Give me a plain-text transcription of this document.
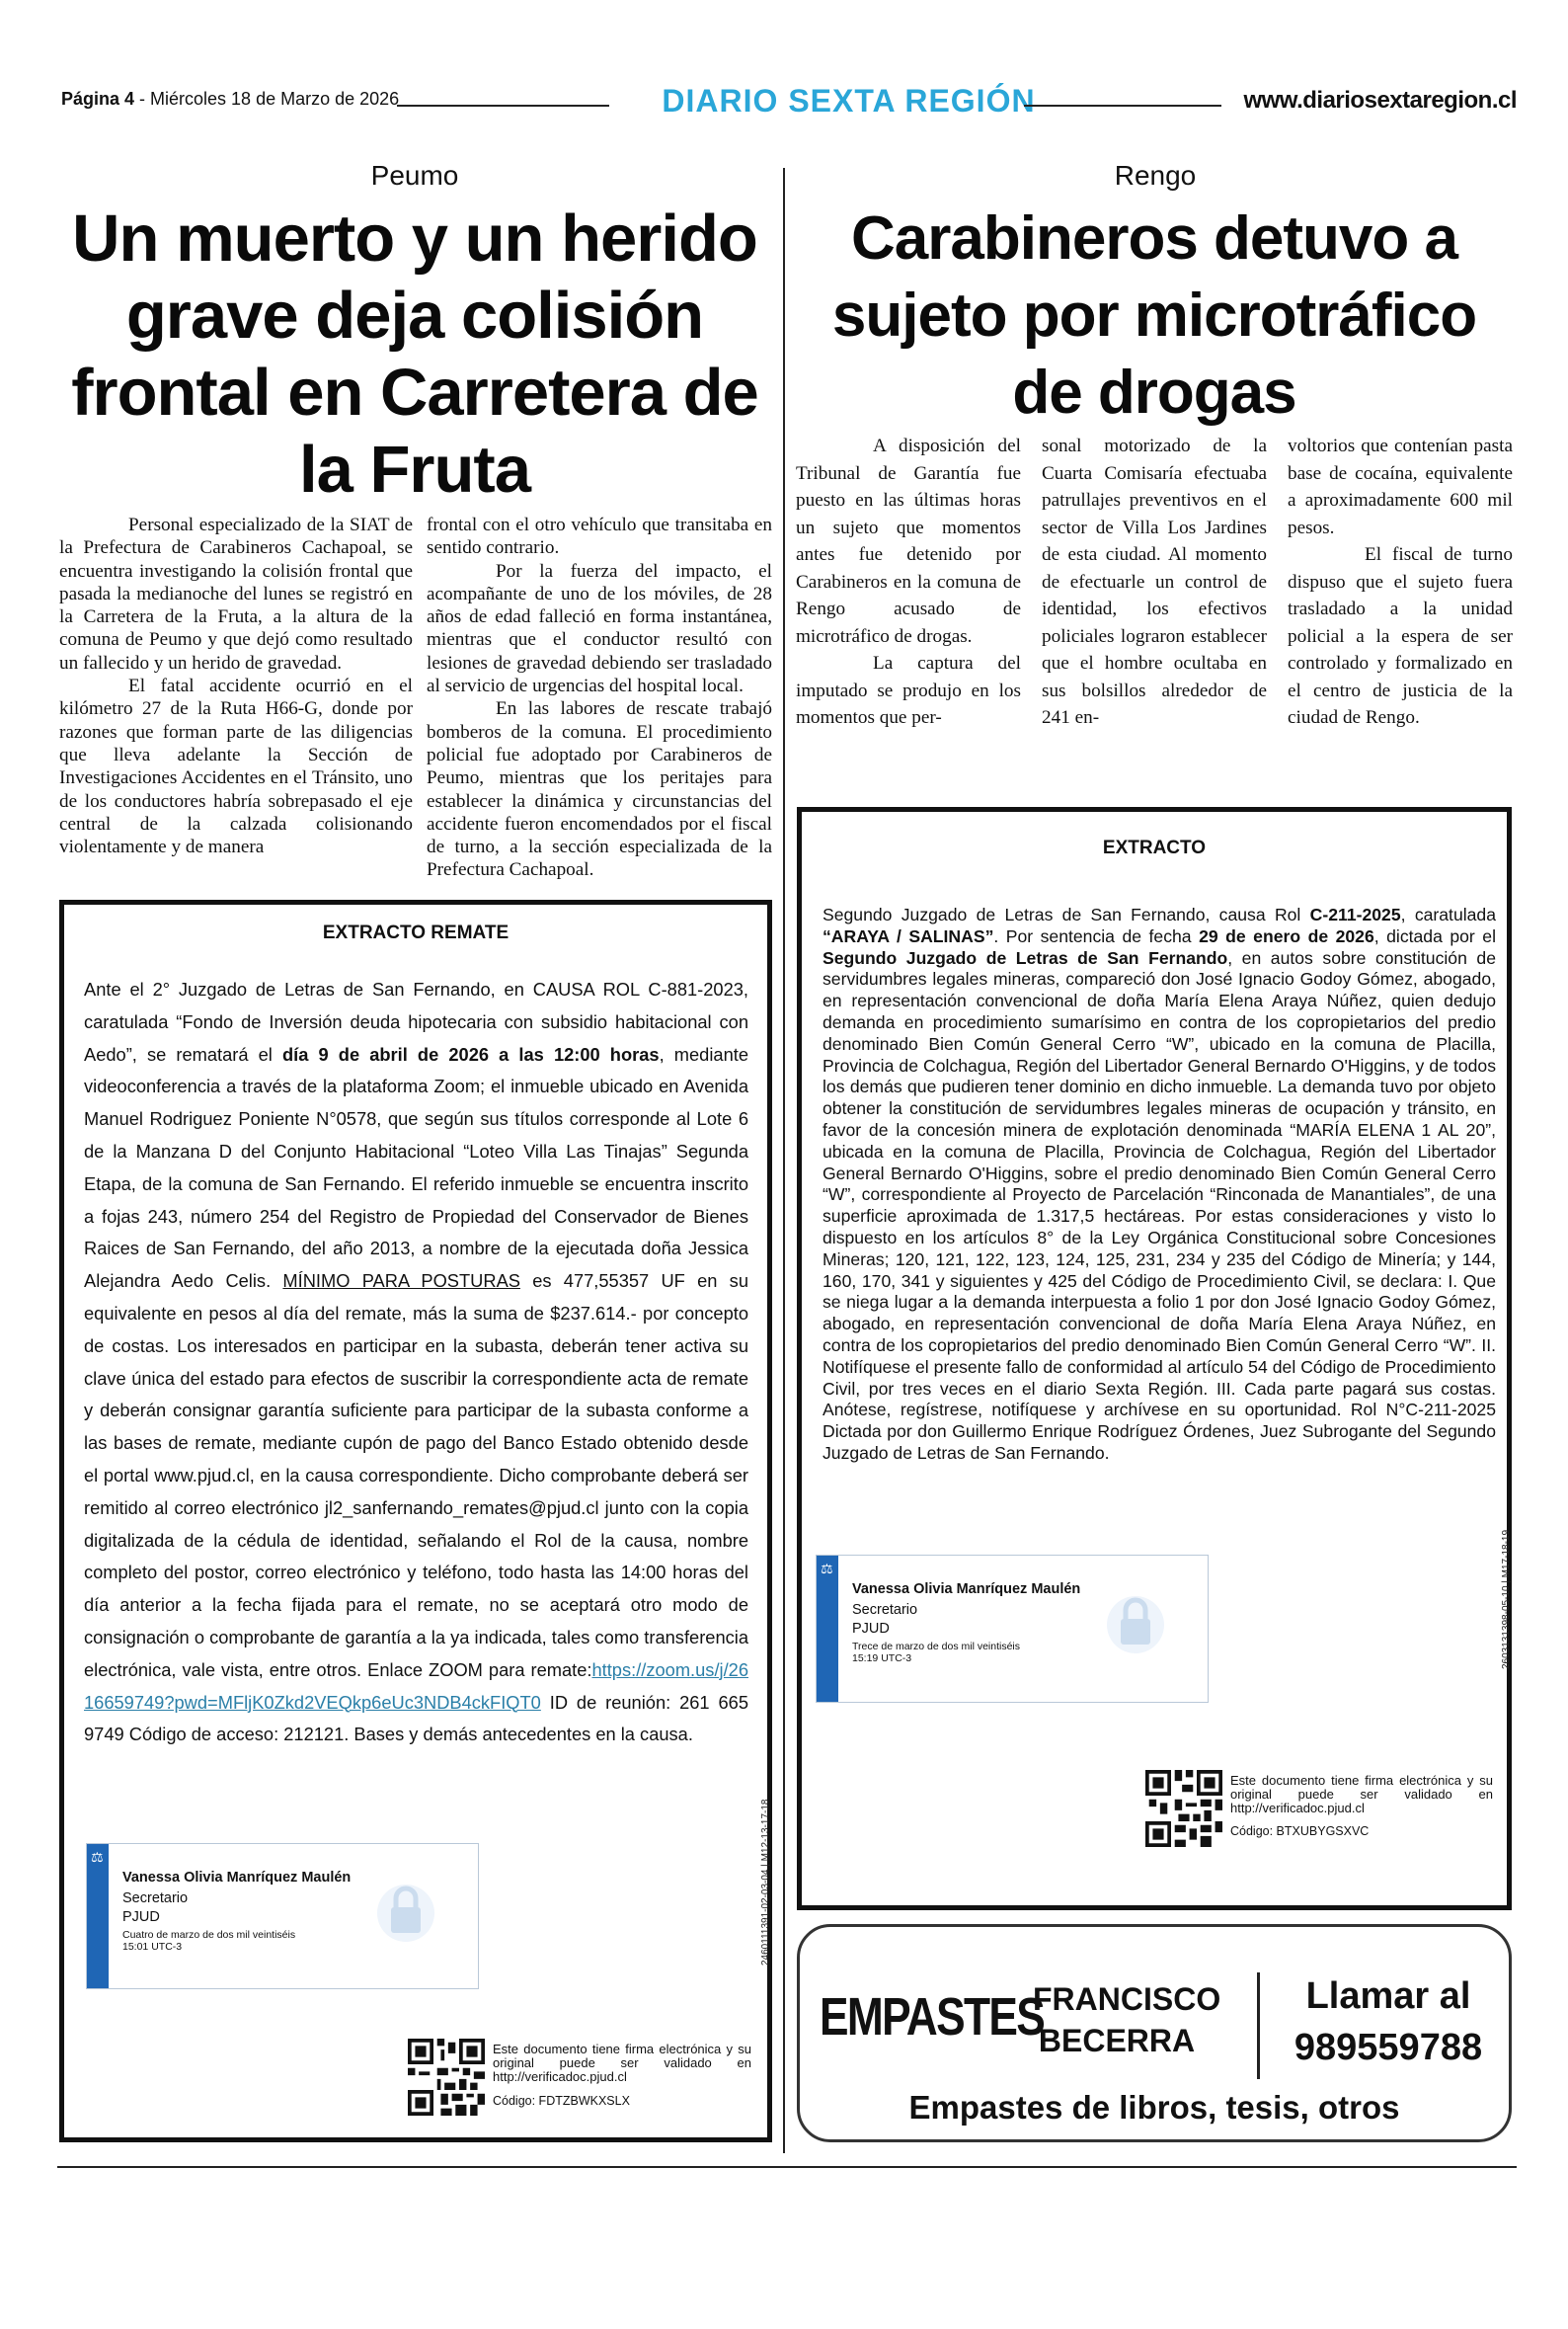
Página 4 - Miércoles 18 de Marzo de 2026	DIARIO SEXTA REGIÓN	www.diariosextaregion.cl
Peumo
Un muerto y un herido grave deja colisión frontal en Carretera de la Fruta

Personal especializado de la SIAT de la Prefectura de Carabineros Cachapoal, se encuentra investigando la colisión frontal que pasada la medianoche del lunes se registró en la Carretera de la Fruta, a la altura de la comuna de Peumo y que dejó como resultado un fallecido y un herido de gravedad.

El fatal accidente ocurrió en el kilómetro 27 de la Ruta H66-G, donde por razones que forman parte de las diligencias que lleva adelante la Sección de Investigaciones Accidentes en el Tránsito, uno de los conductores habría sobrepasado el eje central de la calzada colisionando violentamente y de manera

frontal con el otro vehículo que transitaba en sentido contrario.

Por la fuerza del impacto, el acompañante de uno de los móviles, de 28 años de edad falleció en forma instantánea, mientras que el conductor resultó con lesiones de gravedad debiendo ser trasladado al servicio de urgencias del hospital local.

En las labores de rescate trabajó bomberos de la comuna. El procedimiento policial fue adoptado por Carabineros de Peumo, mientras que los peritajes para establecer la dinámica y circunstancias del accidente fueron encomendados por el fiscal de turno, a la sección especializada de la Prefectura Cachapoal.

Rengo
Carabineros detuvo a sujeto por microtráfico de drogas

A disposición del Tribunal de Garantía fue puesto en las últimas horas un sujeto que momentos antes fue detenido por Carabineros en la comuna de Rengo acusado de microtráfico de drogas.

La captura del imputado se produjo en los momentos que per-

sonal motorizado de la Cuarta Comisaría efectuaba patrullajes preventivos en el sector de Villa Los Jardines de esta ciudad. Al momento de efectuarle un control de identidad, los efectivos policiales lograron establecer que el hombre ocultaba en sus bolsillos alrededor de 241 en-

voltorios que contenían pasta base de cocaína, equivalente a aproximadamente 600 mil pesos.

El fiscal de turno dispuso que el sujeto fuera trasladado a la unidad policial a la espera de ser controlado y formalizado en el centro de justicia de la ciudad de Rengo.

EXTRACTO REMATE
Ante el 2° Juzgado de Letras de San Fernando, en CAUSA ROL C-881-2023, caratulada “Fondo de Inversión deuda hipotecaria con subsidio habitacional con Aedo”, se rematará el día 9 de abril de 2026 a las 12:00 horas, mediante videoconferencia a través de la plataforma Zoom; el inmueble ubicado en Avenida Manuel Rodriguez Poniente N°0578, que según sus títulos corresponde al Lote 6 de la Manzana D del Conjunto Habitacional “Loteo Villa Las Tinajas” Segunda Etapa, de la comuna de San Fernando. El referido inmueble se encuentra inscrito a fojas 243, número 254 del Registro de Propiedad del Conservador de Bienes Raices de San Fernando, del año 2013, a nombre de la ejecutada doña Jessica Alejandra Aedo Celis. MÍNIMO PARA POSTURAS es 477,55357 UF en su equivalente en pesos al día del remate, más la suma de $237.614.- por concepto de costas. Los interesados en participar en la subasta, deberán tener activa su clave única del estado para efectos de suscribir la correspondiente acta de remate y deberán consignar garantía suficiente para participar de la subasta conforme a las bases de remate, mediante cupón de pago del Banco Estado obtenido desde el portal www.pjud.cl, en la causa correspondiente. Dicho comprobante deberá ser remitido al correo electrónico jl2_sanfernando_remates@pjud.cl junto con la copia digitalizada de la cédula de identidad, señalando el Rol de la causa, nombre completo del postor, correo electrónico y teléfono, todo hasta las 14:00 horas del día anterior a la fecha fijada para el remate, no se aceptará otro modo de consignación o comprobante de garantía a la ya indicada, tales como transferencia electrónica, vale vista, entre otros. Enlace ZOOM para remate:https://zoom.us/j/2616659749?pwd=MFljK0Zkd2VEQkp6eUc3NDB4ckFIQT0 ID de reunión: 261 665 9749 Código de acceso: 212121. Bases y demás antecedentes en la causa.
⚖
Vanessa Olivia Manríquez Maulén
Secretario
PJUD
Cuatro de marzo de dos mil veintiséis
15:01 UTC-3
Este documento tiene firma electrónica y su original puede ser validado en http://verificadoc.pjud.cl
Código: FDTZBWKXSLX
2460111391-02-03-04 | M12-13-17-18
EXTRACTO
Segundo Juzgado de Letras de San Fernando, causa Rol C-211-2025, caratulada “ARAYA / SALINAS”. Por sentencia de fecha 29 de enero de 2026, dictada por el Segundo Juzgado de Letras de San Fernando, en autos sobre constitución de servidumbres legales mineras, compareció don José Ignacio Godoy Gómez, abogado, en representación convencional de doña María Elena Araya Núñez, quien dedujo demanda en procedimiento sumarísimo en contra de los copropietarios del predio denominado Bien Común General Cerro “W”, ubicado en la comuna de Placilla, Provincia de Colchagua, Región del Libertador General Bernardo O'Higgins, y de todos los demás que pudieren tener dominio en dicho inmueble. La demanda tuvo por objeto obtener la constitución de servidumbres legales mineras de ocupación y tránsito, en favor de la concesión minera de explotación denominada “MARÍA ELENA 1 AL 20”, ubicada en la comuna de Placilla, Provincia de Colchagua, Región del Libertador General Bernardo O'Higgins, sobre el predio denominado Bien Común General Cerro “W”, correspondiente al Proyecto de Parcelación “Rinconada de Manantiales”, de una superficie aproximada de 1.317,5 hectáreas. Por estas consideraciones y visto lo dispuesto en los artículos 8° de la Ley Orgánica Constitucional sobre Concesiones Mineras; 120, 121, 122, 123, 124, 125, 231, 234 y 235 del Código de Minería; y 144, 160, 170, 341 y siguientes y 425 del Código de Procedimiento Civil, se declara: I. Que se niega lugar a la demanda interpuesta a folio 1 por don José Ignacio Godoy Gómez, abogado, en representación convencional de doña María Elena Araya Núñez, en contra de los copropietarios del predio denominado Bien Común General Cerro “W”. II. Notifíquese el presente fallo de conformidad al artículo 54 del Código de Procedimiento Civil, por tres veces en el diario Sexta Región. III. Cada parte pagará sus costas. Anótese, regístrese, notifíquese y archívese en su oportunidad. Rol N°C-211-2025 Dictada por don Guillermo Enrique Rodríguez Órdenes, Juez Subrogante del Segundo Juzgado de Letras de San Fernando.
⚖
Vanessa Olivia Manríquez Maulén
Secretario
PJUD
Trece de marzo de dos mil veintiséis
15:19 UTC-3
Este documento tiene firma electrónica y su original puede ser validado en http://verificadoc.pjud.cl
Código: BTXUBYGSXVC
2603131398-05-10 | M17-18-19
EMPASTES
FRANCISCO
BECERRA
Llamar al
989559788
Empastes de libros, tesis, otros
